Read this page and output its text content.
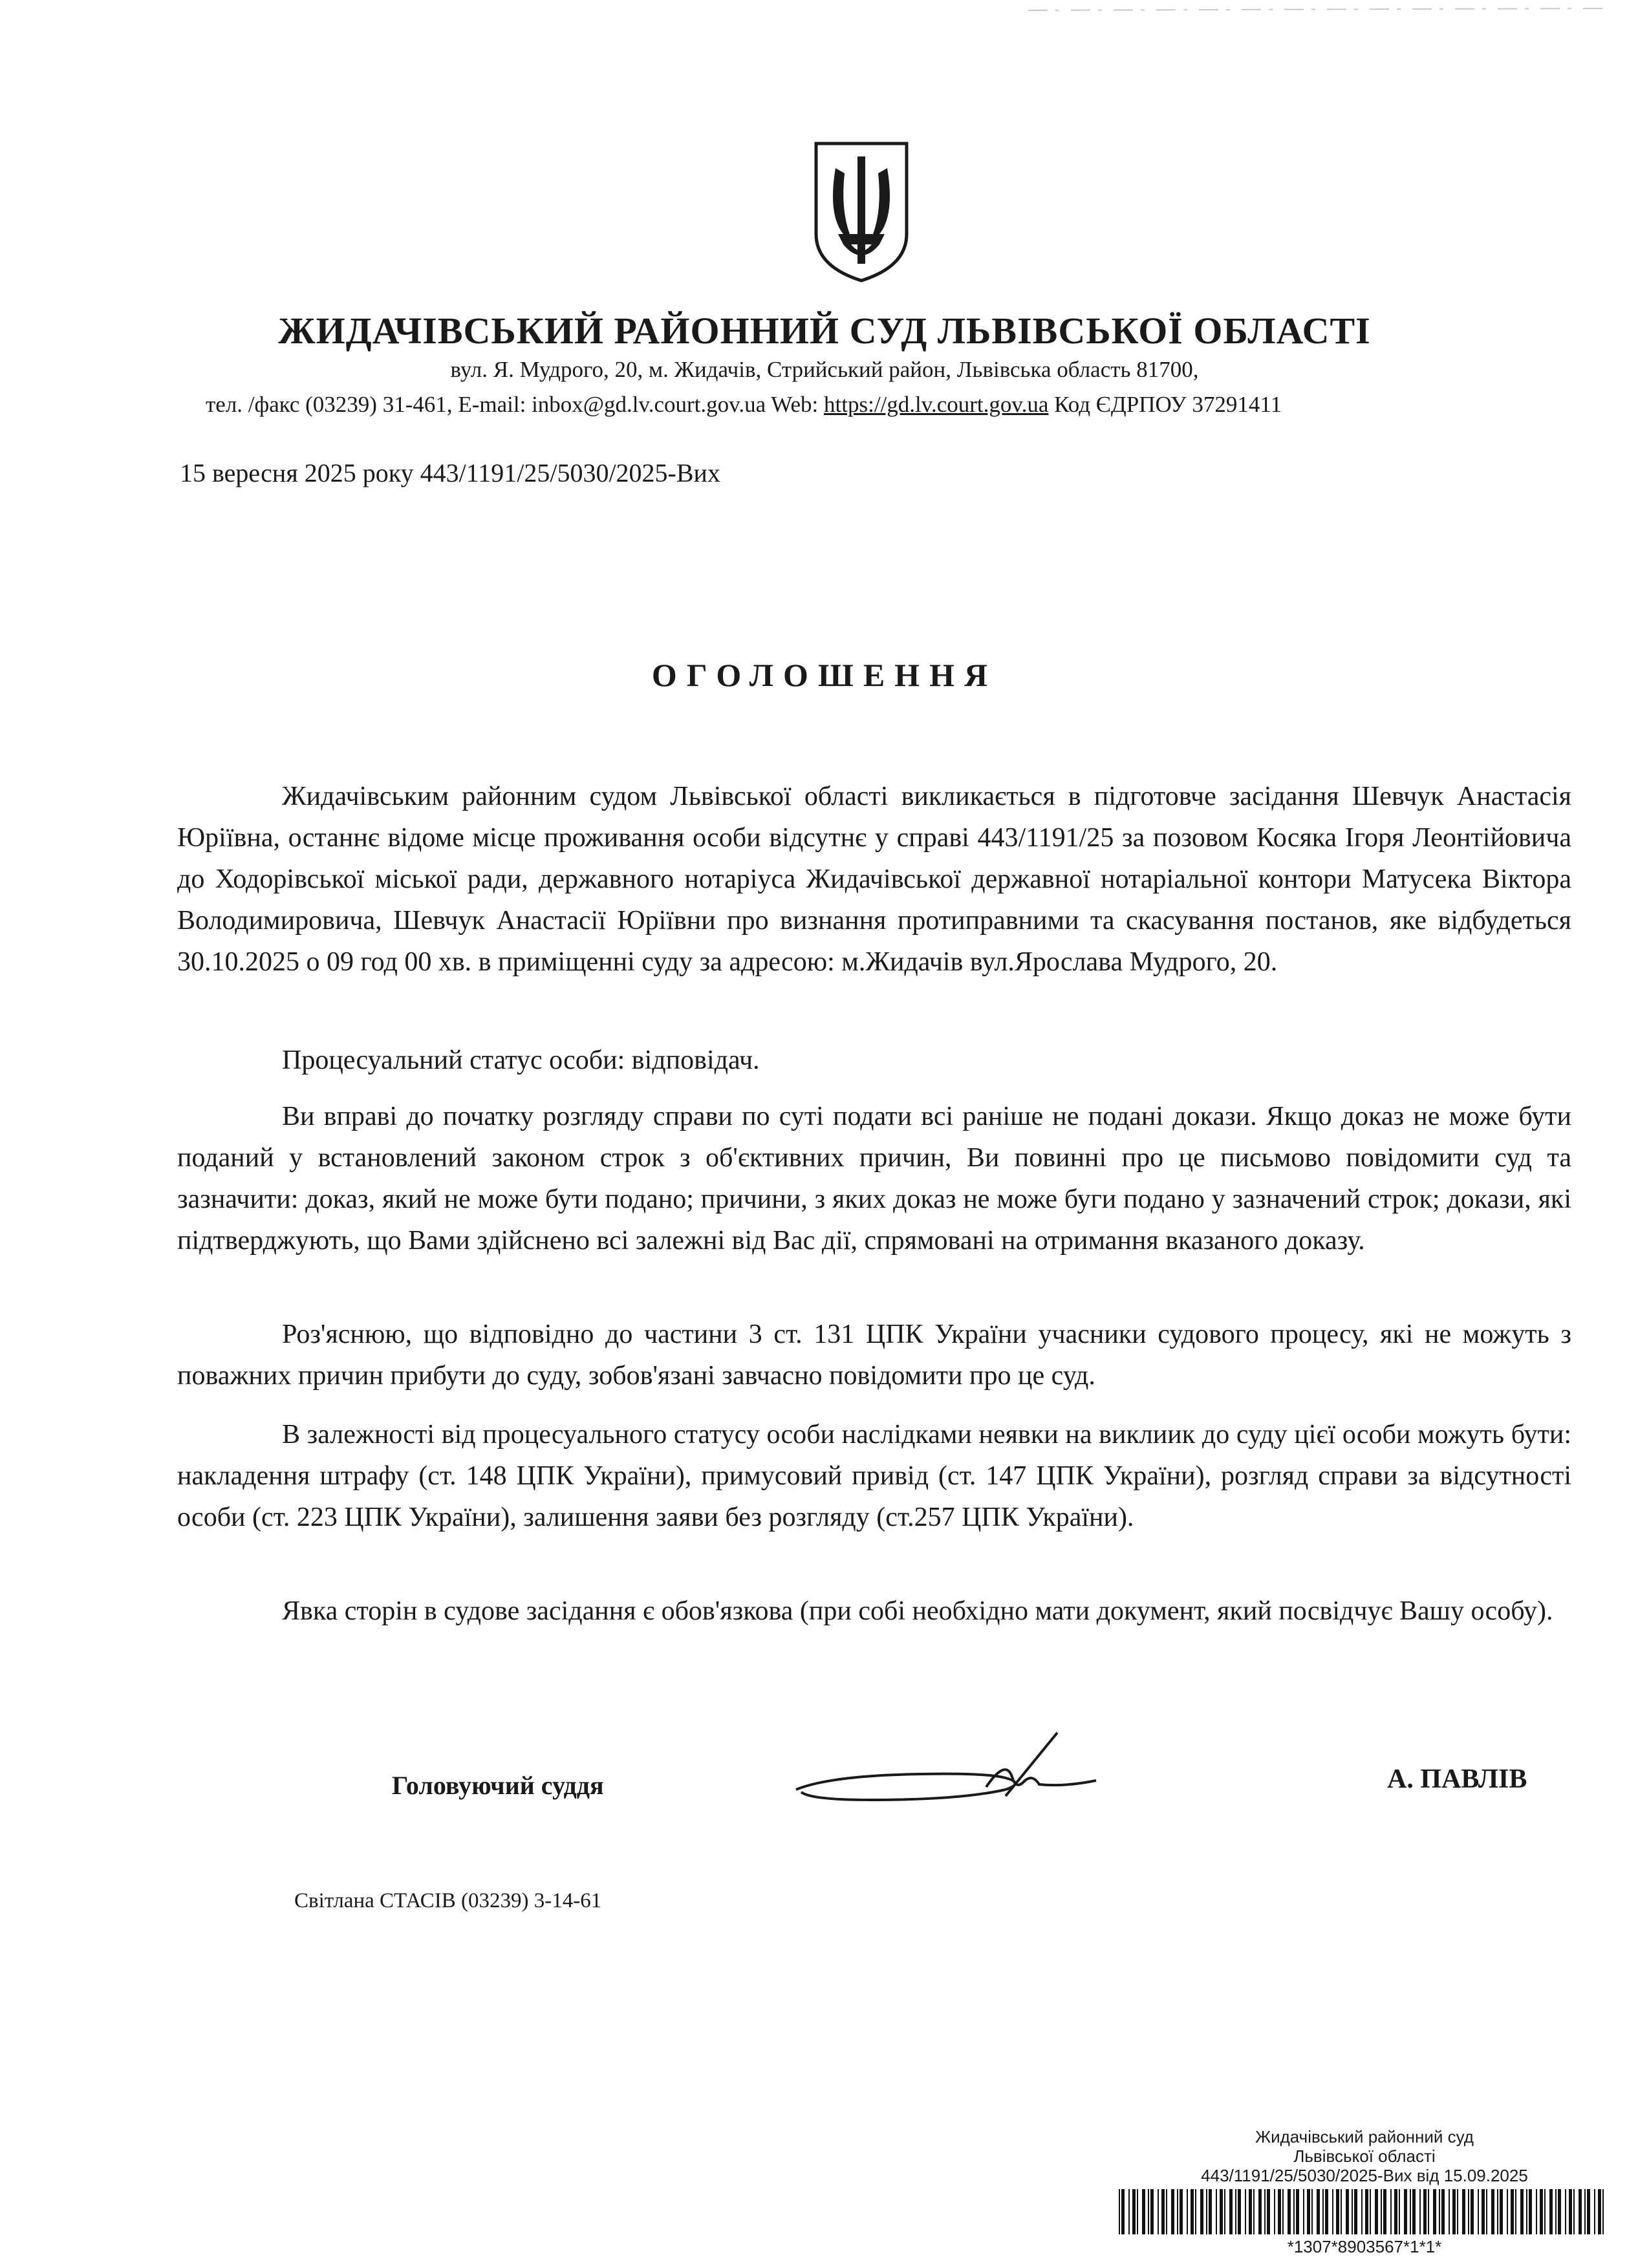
ЖИДАЧІВСЬКИЙ РАЙОННИЙ СУД ЛЬВІВСЬКОЇ ОБЛАСТІ
вул. Я. Мудрого, 20, м. Жидачів, Стрийський район, Львівська область 81700,
тел. /факс (03239) 31-461, E-mail: inbox@gd.lv.court.gov.ua Web: https://gd.lv.court.gov.ua Код ЄДРПОУ 37291411
15 вересня 2025 року 443/1191/25/5030/2025-Вих
ОГОЛОШЕННЯ
Жидачівським районним судом Львівської області викликається в підготовче засідання Шевчук Анастасія Юріївна, останнє відоме місце проживання особи відсутнє у справі 443/1191/25 за позовом Косяка Ігоря Леонтійовича до Ходорівської міської ради, державного нотаріуса Жидачівської державної нотаріальної контори Матусека Віктора Володимировича, Шевчук Анастасії Юріївни про визнання протиправними та скасування постанов, яке відбудеться 30.10.2025 о 09 год 00 хв. в приміщенні суду за адресою: м.Жидачів вул.Ярослава Мудрого, 20.
Процесуальний статус особи: відповідач.
Ви вправі до початку розгляду справи по суті подати всі раніше не подані докази. Якщо доказ не може бути поданий у встановлений законом строк з об'єктивних причин, Ви повинні про це письмово повідомити суд та зазначити: доказ, який не може бути подано; причини, з яких доказ не може буги подано у зазначений строк; докази, які підтверджують, що Вами здійснено всі залежні від Вас дії, спрямовані на отримання вказаного доказу.
Роз'яснюю, що відповідно до частини 3 ст. 131 ЦПК України учасники судового процесу, які не можуть з поважних причин прибути до суду, зобов'язані завчасно повідомити про це суд.
В залежності від процесуального статусу особи наслідками неявки на виклиик до суду цієї особи можуть бути: накладення штрафу (ст. 148 ЦПК України), примусовий привід (ст. 147 ЦПК України), розгляд справи за відсутності особи (ст. 223 ЦПК України), залишення заяви без розгляду (ст.257 ЦПК України).
Явка сторін в судове засідання є обов'язкова (при собі необхідно мати документ, який посвідчує Вашу особу).
Головуючий суддя	А. ПАВЛІВ
Світлана СТАСІВ (03239) 3-14-61
Жидачівський районний суд
Львівської області
443/1191/25/5030/2025-Вих від 15.09.2025
*1307*8903567*1*1*
